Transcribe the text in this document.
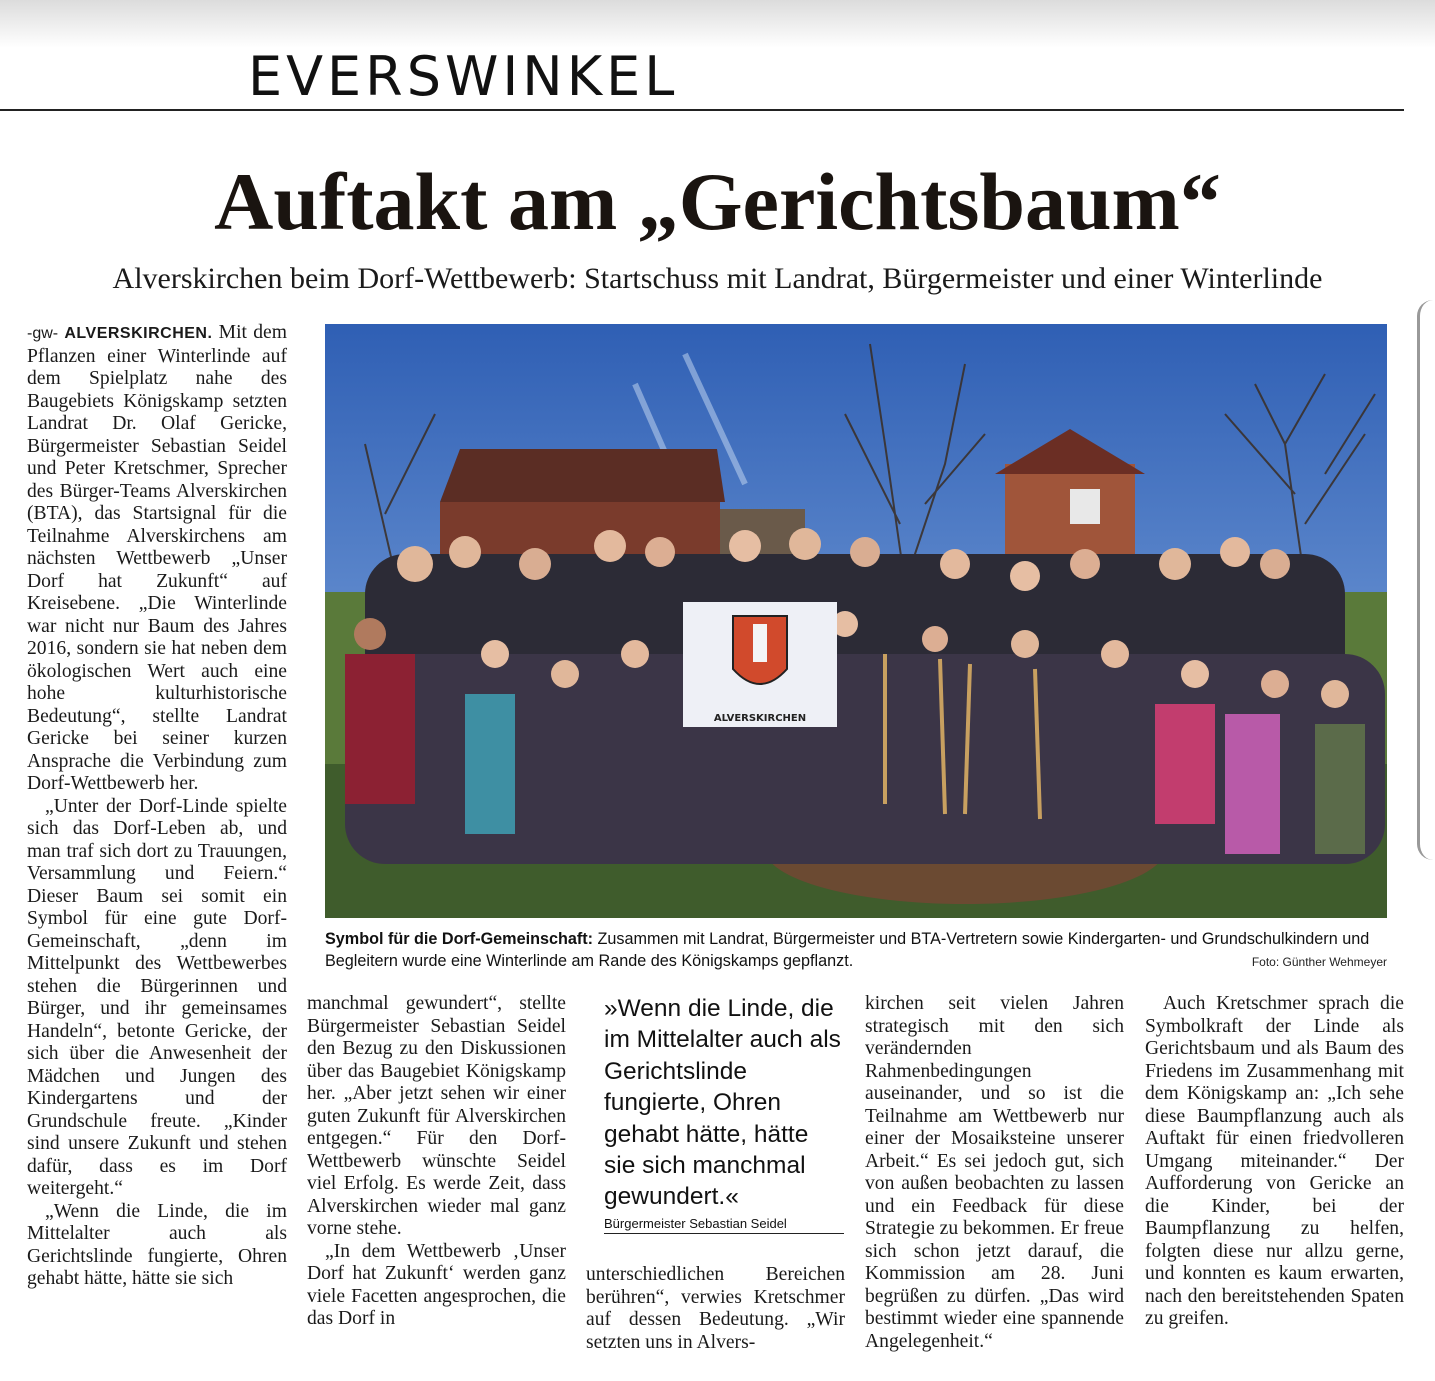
EVERSWINKEL
Auftakt am „Gerichtsbaum“
Alverskirchen beim Dorf-Wettbewerb: Startschuss mit Landrat, Bürgermeister und einer Winterlinde

-gw- ALVERSKIRCHEN. Mit dem Pflanzen einer Winterlinde auf dem Spielplatz nahe des Baugebiets Königskamp setzten Landrat Dr. Olaf Gericke, Bürgermeister Sebastian Seidel und Peter Kretschmer, Sprecher des Bürger-Teams Alverskirchen (BTA), das Startsignal für die Teilnahme Alverskirchens am nächsten Wettbewerb „Unser Dorf hat Zukunft“ auf Kreisebene. „Die Winterlinde war nicht nur Baum des Jahres 2016, sondern sie hat neben dem ökologischen Wert auch eine hohe kulturhistorische Bedeutung“, stellte Landrat Gericke bei seiner kurzen Ansprache die Verbindung zum Dorf-Wettbewerb her.

„Unter der Dorf-Linde spielte sich das Dorf-Leben ab, und man traf sich dort zu Trauungen, Versammlung und Feiern.“ Dieser Baum sei somit ein Symbol für eine gute Dorf-Gemeinschaft, „denn im Mittelpunkt des Wettbewerbes stehen die Bürgerinnen und Bürger, und ihr gemeinsames Handeln“, betonte Gericke, der sich über die Anwesenheit der Mädchen und Jungen des Kindergartens und der Grundschule freute. „Kinder sind unsere Zukunft und stehen dafür, dass es im Dorf weitergeht.“

„Wenn die Linde, die im Mittelalter auch als Gerichtslinde fungierte, Ohren gehabt hätte, hätte sie sich

ALVERSKIRCHEN
Symbol für die Dorf-Gemeinschaft: Zusammen mit Landrat, Bürgermeister und BTA-Vertretern sowie Kindergarten- und Grundschulkindern und Begleitern wurde eine Winterlinde am Rande des Königskamps gepflanzt.	Foto: Günther Wehmeyer

manchmal gewundert“, stellte Bürgermeister Sebastian Seidel den Bezug zu den Diskussionen über das Baugebiet Königskamp her. „Aber jetzt sehen wir einer guten Zukunft für Alverskirchen entgegen.“ Für den Dorf-Wettbewerb wünschte Seidel viel Erfolg. Es werde Zeit, dass Alverskirchen wieder mal ganz vorne stehe.

„In dem Wettbewerb ‚Unser Dorf hat Zukunft‘ werden ganz viele Facetten angesprochen, die das Dorf in

»Wenn die Linde, die im Mittelalter auch als Gerichtslinde fungierte, Ohren gehabt hätte, hätte sie sich manchmal gewundert.«
Bürgermeister Sebastian Seidel

unterschiedlichen Bereichen berühren“, verwies Kretschmer auf dessen Bedeutung. „Wir setzten uns in Alvers-

kirchen seit vielen Jahren strategisch mit den sich verändernden Rahmenbedingungen auseinander, und so ist die Teilnahme am Wettbewerb nur einer der Mosaiksteine unserer Arbeit.“ Es sei jedoch gut, sich von außen beobachten zu lassen und ein Feedback für diese Strategie zu bekommen. Er freue sich schon jetzt darauf, die Kommission am 28. Juni begrüßen zu dürfen. „Das wird bestimmt wieder eine spannende Angelegenheit.“

Auch Kretschmer sprach die Symbolkraft der Linde als Gerichtsbaum und als Baum des Friedens im Zusammenhang mit dem Königskamp an: „Ich sehe diese Baumpflanzung auch als Auftakt für einen friedvolleren Umgang miteinander.“ Der Aufforderung von Gericke an die Kinder, bei der Baumpflanzung zu helfen, folgten diese nur allzu gerne, und konnten es kaum erwarten, nach den bereitstehenden Spaten zu greifen.
